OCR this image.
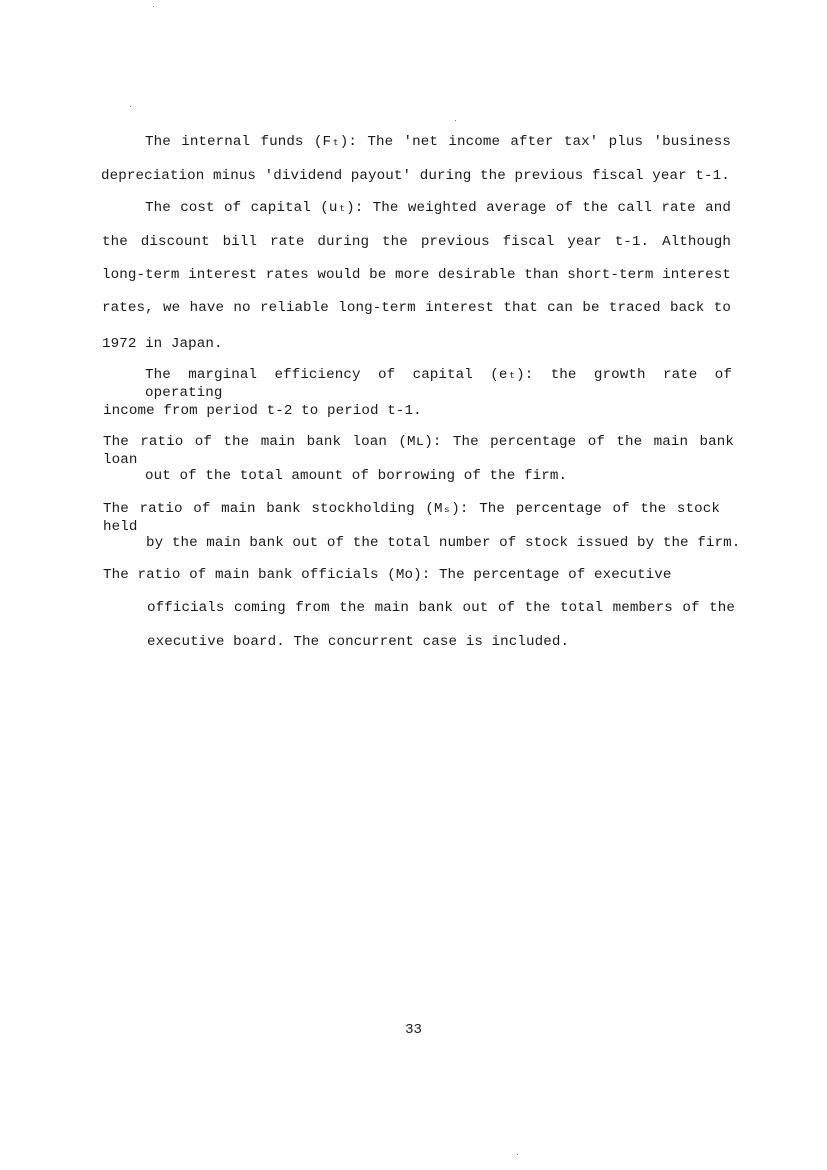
The internal funds (Fₜ): The 'net income after tax' plus 'business
depreciation minus 'dividend payout' during the previous fiscal year t-1.
The cost of capital (uₜ): The weighted average of the call rate and
the discount bill rate during the previous fiscal year t-1. Although
long-term interest rates would be more desirable than short-term interest
rates, we have no reliable long-term interest that can be traced back to
1972 in Japan.
The marginal efficiency of capital (eₜ): the growth rate of operating
income from period t-2 to period t-1.
The ratio of the main bank loan (Mʟ): The percentage of the main bank loan
out of the total amount of borrowing of the firm.
The ratio of main bank stockholding (Mₛ): The percentage of the stock held
by the main bank out of the total number of stock issued by the firm.
The ratio of main bank officials (Mᴏ): The percentage of executive
officials coming from the main bank out of the total members of the
executive board. The concurrent case is included.
33
